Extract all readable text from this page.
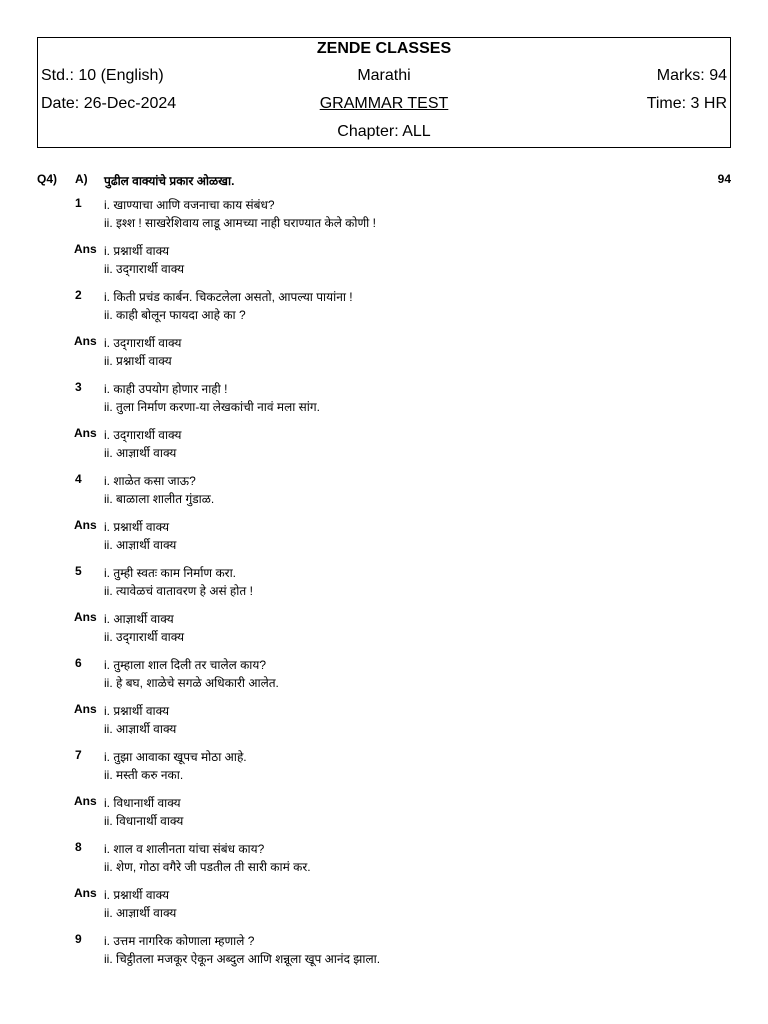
ZENDE CLASSES
Std.: 10 (English)	Marathi	Marks: 94
Date: 26-Dec-2024	GRAMMAR TEST	Time: 3 HR
Chapter: ALL
Q4) A) पुढील वाक्यांचे प्रकार ओळखा.	94
1 i. खाण्याचा आणि वजनाचा काय संबंध?
ii. इश्श ! साखरेशिवाय लाडू आमच्या नाही घराण्यात केले कोणी !
Ans i. प्रश्नार्थी वाक्य
ii. उद्‍गारार्थी वाक्य
2 i. किती प्रचंड कार्बन. चिकटलेला असतो, आपल्या पायांना !
ii. काही बोलून फायदा आहे का ?
Ans i. उद्‍गारार्थी वाक्य
ii. प्रश्नार्थी वाक्य
3 i. काही उपयोग होणार नाही !
ii. तुला निर्माण करणा-या लेखकांची नावं मला सांग.
Ans i. उद्‍गारार्थी वाक्य
ii. आज्ञार्थी वाक्य
4 i. शाळेत कसा जाऊ?
ii. बाळाला शालीत गुंडाळ.
Ans i. प्रश्नार्थी वाक्य
ii. आज्ञार्थी वाक्य
5 i. तुम्ही स्वतः काम निर्माण करा.
ii. त्यावेळचं वातावरण हे असं होत !
Ans i. आज्ञार्थी वाक्य
ii. उद्‍गारार्थी वाक्य
6 i. तुम्हाला शाल दिली तर चालेल काय?
ii. हे बघ, शाळेचे सगळे अधिकारी आलेत.
Ans i. प्रश्नार्थी वाक्य
ii. आज्ञार्थी वाक्य
7 i. तुझा आवाका खूपच मोठा आहे.
ii. मस्ती करु नका.
Ans i. विधानार्थी वाक्य
ii. विधानार्थी वाक्य
8 i. शाल व शालीनता यांचा संबंध काय?
ii. शेण, गोठा वगैरे जी पडतील ती सारी कामं कर.
Ans i. प्रश्नार्थी वाक्य
ii. आज्ञार्थी वाक्य
9 i. उत्तम नागरिक कोणाला म्हणाले ?
ii. चिट्ठीतला मजकूर ऐकून अब्दुल आणि शन्नूला खूप आनंद झाला.
